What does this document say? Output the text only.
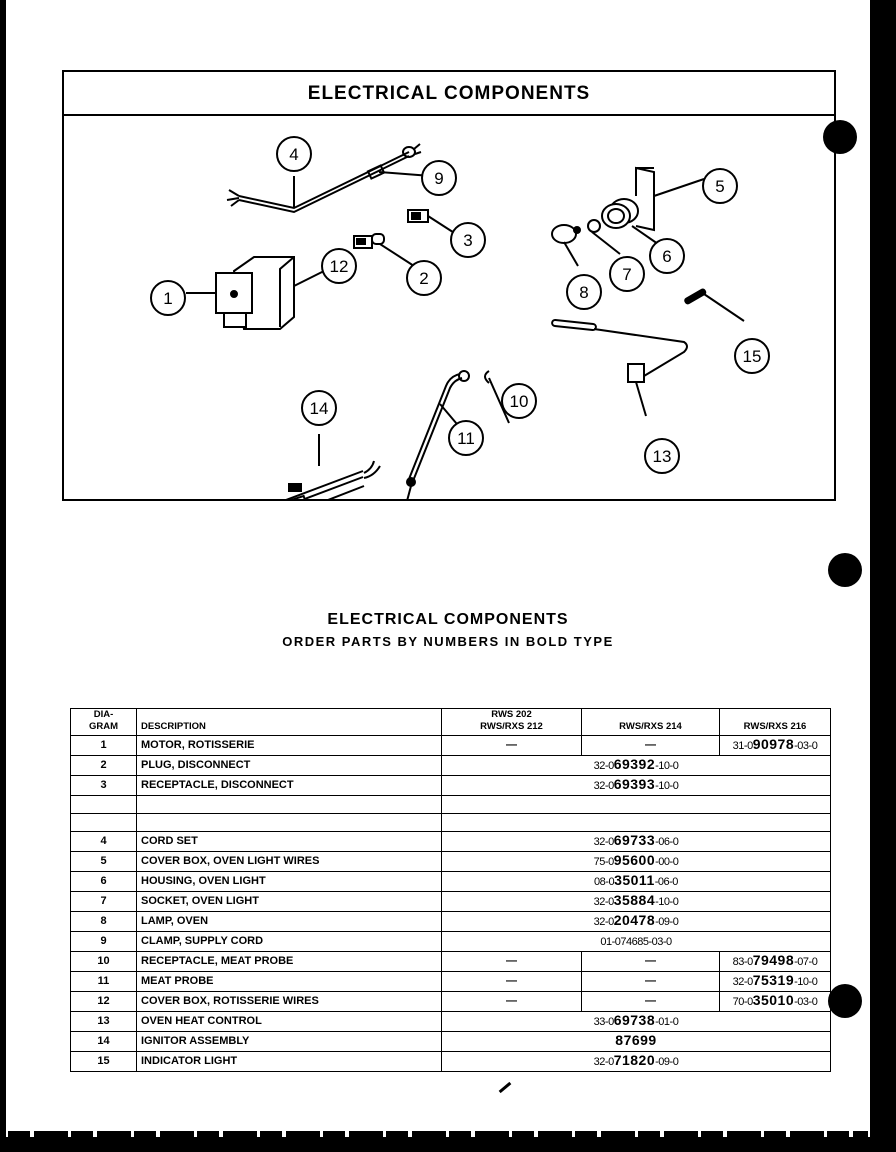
ELECTRICAL COMPONENTS
4
9
3
2
1
12
14
11
10
5
6
7
8
13
15
ELECTRICAL COMPONENTS
ORDER PARTS BY NUMBERS IN BOLD TYPE
DIA-
GRAM	DESCRIPTION	
RWS 202
RWS/RXS 212	RWS/RXS 214	RWS/RXS 216
1	MOTOR, ROTISSERIE	—	—	31-090978-03-0
2	PLUG, DISCONNECT	32-069392-10-0		
3	RECEPTACLE, DISCONNECT	32-069393-10-0		

4	CORD SET	32-069733-06-0		
5	COVER BOX, OVEN LIGHT WIRES	75-095600-00-0		
6	HOUSING, OVEN LIGHT	08-035011-06-0		
7	SOCKET, OVEN LIGHT	32-035884-10-0		
8	LAMP, OVEN	32-020478-09-0		
9	CLAMP, SUPPLY CORD	01-074685-03-0		
10	RECEPTACLE, MEAT PROBE	—	—	83-079498-07-0
11	MEAT PROBE	—	—	32-075319-10-0
12	COVER BOX, ROTISSERIE WIRES	—	—	70-035010-03-0
13	OVEN HEAT CONTROL	33-069738-01-0		
14	IGNITOR ASSEMBLY	87699		
15	INDICATOR LIGHT	32-071820-09-0		
